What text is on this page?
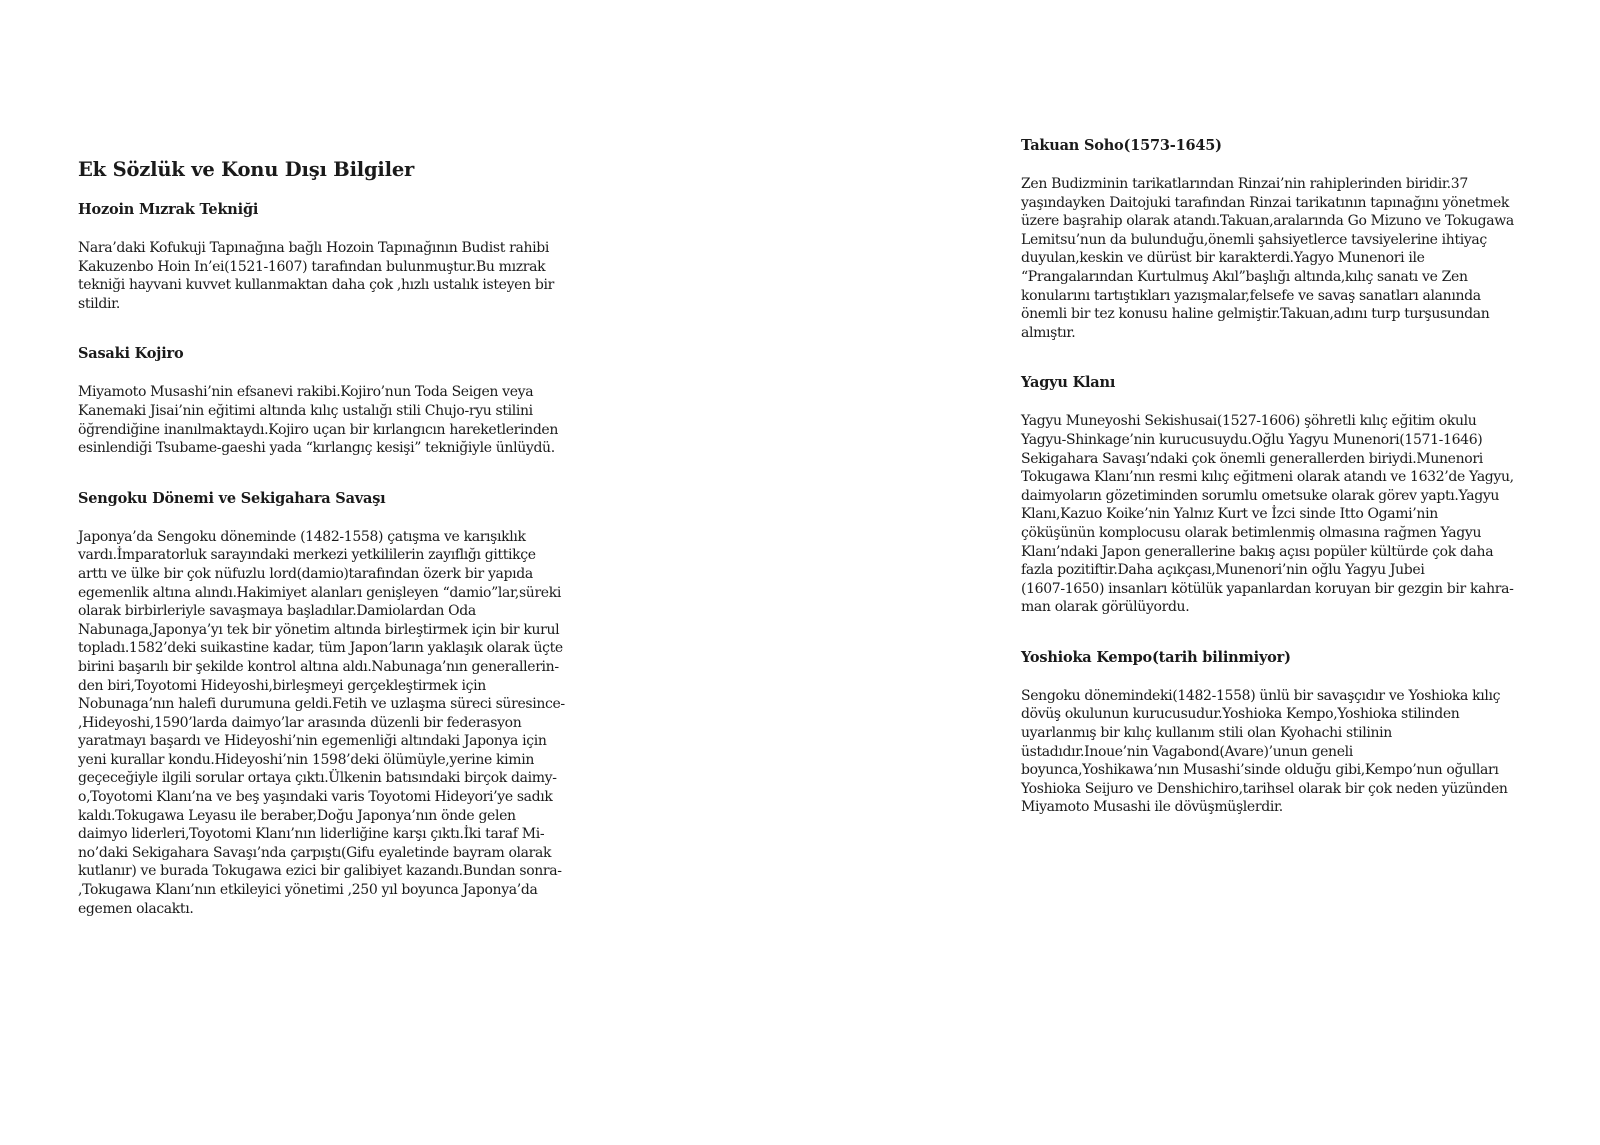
Ek Sözlük ve Konu Dışı Bilgiler
Hozoin Mızrak Tekniği

Nara’daki Kofukuji Tapınağına bağlı Hozoin Tapınağının Budist rahibi
Kakuzenbo Hoin In’ei(1521-1607) tarafından bulunmuştur.Bu mızrak
tekniği hayvani kuvvet kullanmaktan daha çok ,hızlı ustalık isteyen bir
stildir.

Sasaki Kojiro

Miyamoto Musashi’nin efsanevi rakibi.Kojiro’nun Toda Seigen veya
Kanemaki Jisai’nin eğitimi altında kılıç ustalığı stili Chujo-ryu stilini
öğrendiğine inanılmaktaydı.Kojiro uçan bir kırlangıcın hareketlerinden
esinlendiği Tsubame-gaeshi yada “kırlangıç kesişi” tekniğiyle ünlüydü.

Sengoku Dönemi ve Sekigahara Savaşı

Japonya’da Sengoku döneminde (1482-1558) çatışma ve karışıklık
vardı.İmparatorluk sarayındaki merkezi yetkililerin zayıflığı gittikçe
arttı ve ülke bir çok nüfuzlu lord(damio)tarafından özerk bir yapıda
egemenlik altına alındı.Hakimiyet alanları genişleyen “damio”lar,süreki
olarak birbirleriyle savaşmaya başladılar.Damiolardan Oda
Nabunaga,Japonya’yı tek bir yönetim altında birleştirmek için bir kurul
topladı.1582’deki suikastine kadar, tüm Japon’ların yaklaşık olarak üçte
birini başarılı bir şekilde kontrol altına aldı.Nabunaga’nın generallerin-
den biri,Toyotomi Hideyoshi,birleşmeyi gerçekleştirmek için
Nobunaga’nın halefi durumuna geldi.Fetih ve uzlaşma süreci süresince-
,Hideyoshi,1590’larda daimyo’lar arasında düzenli bir federasyon
yaratmayı başardı ve Hideyoshi’nin egemenliği altındaki Japonya için
yeni kurallar kondu.Hideyoshi’nin 1598’deki ölümüyle,yerine kimin
geçeceğiyle ilgili sorular ortaya çıktı.Ülkenin batısındaki birçok daimy-
o,Toyotomi Klanı’na ve beş yaşındaki varis Toyotomi Hideyori’ye sadık
kaldı.Tokugawa Leyasu ile beraber,Doğu Japonya’nın önde gelen
daimyo liderleri,Toyotomi Klanı’nın liderliğine karşı çıktı.İki taraf Mi-
no’daki Sekigahara Savaşı’nda çarpıştı(Gifu eyaletinde bayram olarak
kutlanır) ve burada Tokugawa ezici bir galibiyet kazandı.Bundan sonra-
,Tokugawa Klanı’nın etkileyici yönetimi ,250 yıl boyunca Japonya’da
egemen olacaktı.

Takuan Soho(1573-1645)

Zen Budizminin tarikatlarından Rinzai’nin rahiplerinden biridir.37
yaşındayken Daitojuki tarafından Rinzai tarikatının tapınağını yönetmek
üzere başrahip olarak atandı.Takuan,aralarında Go Mizuno ve Tokugawa
Lemitsu’nun da bulunduğu,önemli şahsiyetlerce tavsiyelerine ihtiyaç
duyulan,keskin ve dürüst bir karakterdi.Yagyo Munenori ile
“Prangalarından Kurtulmuş Akıl”başlığı altında,kılıç sanatı ve Zen
konularını tartıştıkları yazışmalar,felsefe ve savaş sanatları alanında
önemli bir tez konusu haline gelmiştir.Takuan,adını turp turşusundan
almıştır.

Yagyu Klanı

Yagyu Muneyoshi Sekishusai(1527-1606) şöhretli kılıç eğitim okulu
Yagyu-Shinkage’nin kurucusuydu.Oğlu Yagyu Munenori(1571-1646)
Sekigahara Savaşı’ndaki çok önemli generallerden biriydi.Munenori
Tokugawa Klanı’nın resmi kılıç eğitmeni olarak atandı ve 1632’de Yagyu,
daimyoların gözetiminden sorumlu ometsuke olarak görev yaptı.Yagyu
Klanı,Kazuo Koike’nin Yalnız Kurt ve İzci sinde Itto Ogami’nin
çöküşünün komplocusu olarak betimlenmiş olmasına rağmen Yagyu
Klanı’ndaki Japon generallerine bakış açısı popüler kültürde çok daha
fazla pozitiftir.Daha açıkçası,Munenori’nin oğlu Yagyu Jubei
(1607-1650) insanları kötülük yapanlardan koruyan bir gezgin bir kahra-
man olarak görülüyordu.

Yoshioka Kempo(tarih bilinmiyor)

Sengoku dönemindeki(1482-1558) ünlü bir savaşçıdır ve Yoshioka kılıç
dövüş okulunun kurucusudur.Yoshioka Kempo,Yoshioka stilinden
uyarlanmış bir kılıç kullanım stili olan Kyohachi stilinin
üstadıdır.Inoue’nin Vagabond(Avare)’unun geneli
boyunca,Yoshikawa’nın Musashi’sinde olduğu gibi,Kempo’nun oğulları
Yoshioka Seijuro ve Denshichiro,tarihsel olarak bir çok neden yüzünden
Miyamoto Musashi ile dövüşmüşlerdir.
